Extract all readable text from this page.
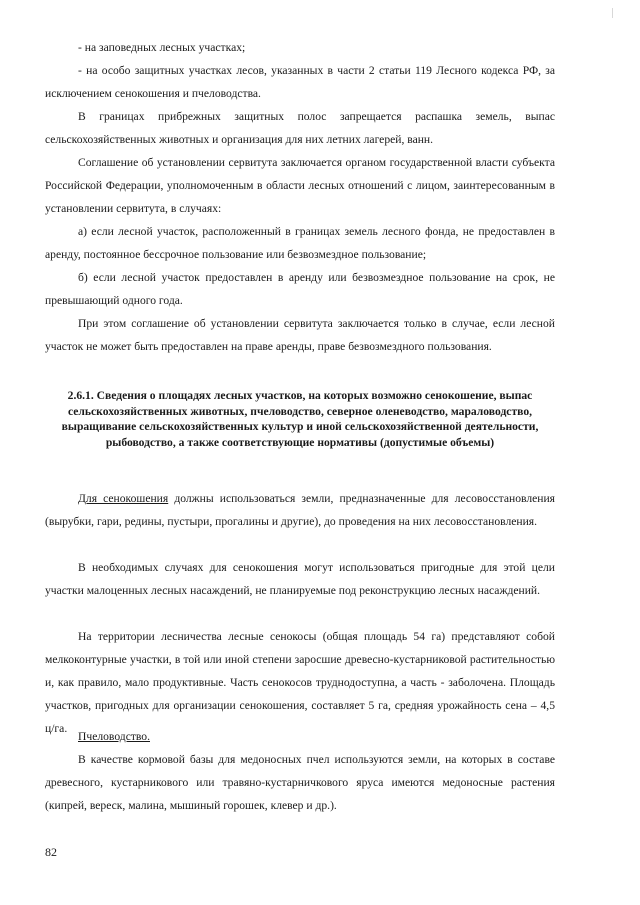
- на заповедных лесных участках;

- на особо защитных участках лесов, указанных в части 2 статьи 119 Лесного кодекса РФ, за исключением сенокошения и пчеловодства.

В границах прибрежных защитных полос запрещается распашка земель, выпас сельскохозяйственных животных и организация для них летних лагерей, ванн.

Соглашение об установлении сервитута заключается органом государственной власти субъекта Российской Федерации, уполномоченным в области лесных отношений с лицом, заинтересованным в установлении сервитута, в случаях:

а) если лесной участок, расположенный в границах земель лесного фонда, не предоставлен в аренду, постоянное бессрочное пользование или безвозмездное пользование;

б) если лесной участок предоставлен в аренду или безвозмездное пользование на срок, не превышающий одного года.

При этом соглашение об установлении сервитута заключается только в случае, если лесной участок не может быть предоставлен на праве аренды, праве безвозмездного пользования.

2.6.1. Сведения о площадях лесных участков, на которых возможно сенокошение, выпас сельскохозяйственных животных, пчеловодство, северное оленеводство, мараловодство, выращивание сельскохозяйственных культур и иной сельскохозяйственной деятельности, рыбоводство, а также соответствующие нормативы (допустимые объемы)

Для сенокошения должны использоваться земли, предназначенные для лесовосстановления (вырубки, гари, редины, пустыри, прогалины и другие), до проведения на них лесовосстановления.

В необходимых случаях для сенокошения могут использоваться пригодные для этой цели участки малоценных лесных насаждений, не планируемые под реконструкцию лесных насаждений.

На территории лесничества лесные сенокосы (общая площадь 54 га) представляют собой мелкоконтурные участки, в той или иной степени заросшие древесно-кустарниковой растительностью и, как правило, мало продуктивные. Часть сенокосов труднодоступна, а часть - заболочена. Площадь участков, пригодных для организации сенокошения, составляет 5 га, средняя урожайность сена – 4,5 ц/га.

Пчеловодство.

В качестве кормовой базы для медоносных пчел используются земли, на которых в составе древесного, кустарникового или травяно-кустарничкового яруса имеются медоносные растения (кипрей, вереск, малина, мышиный горошек, клевер и др.).

82
